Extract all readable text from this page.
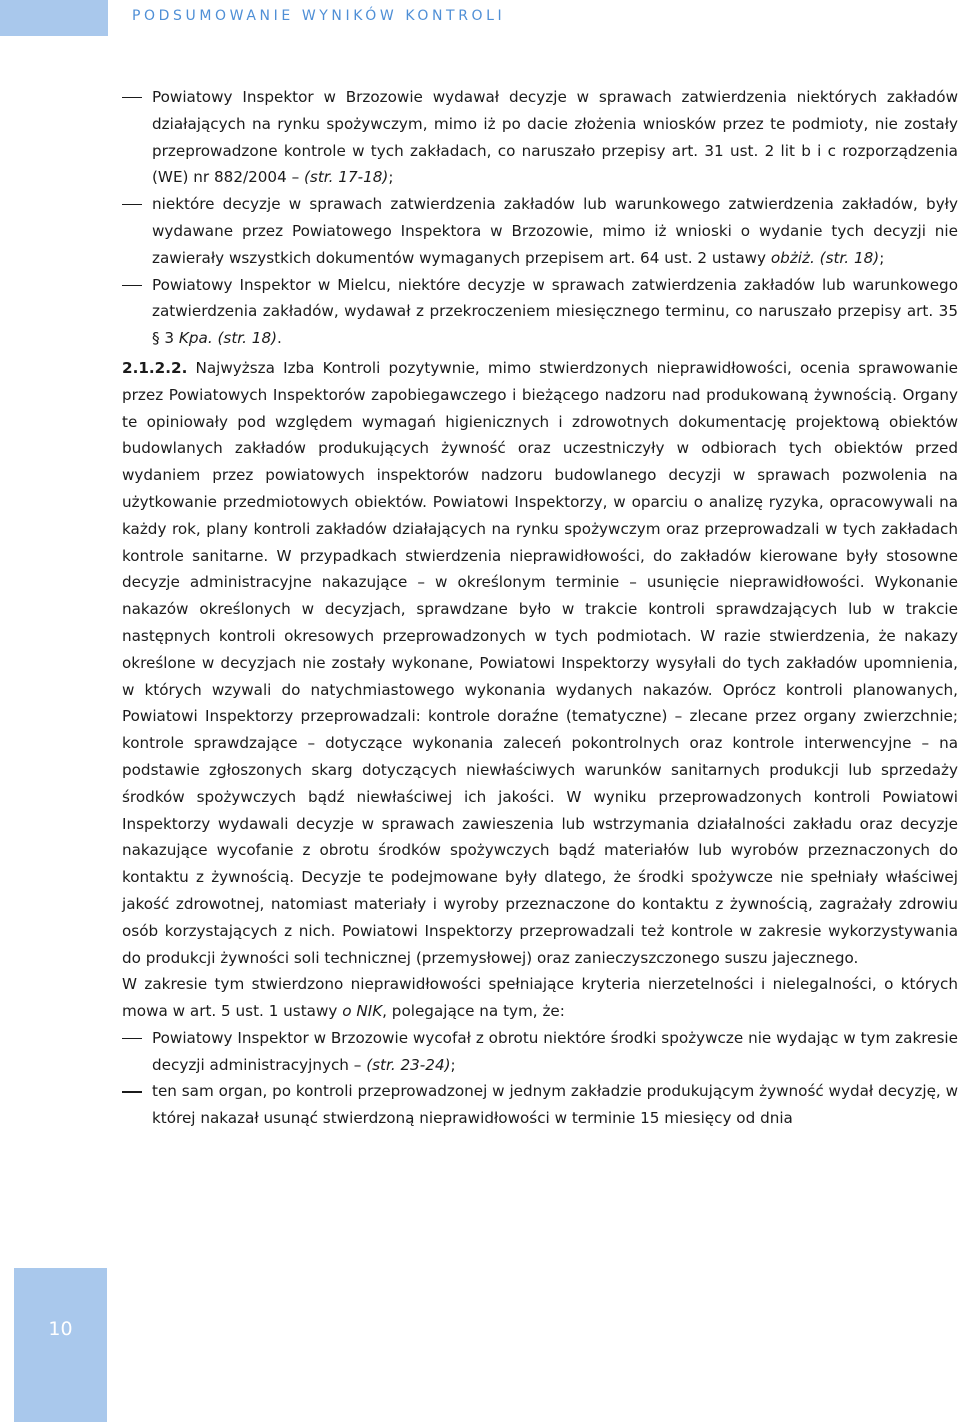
PODSUMOWANIE WYNIKÓW KONTROLI
10
Powiatowy Inspektor w Brzozowie wydawał decyzje w sprawach zatwierdzenia niektórych zakładów działających na rynku spożywczym, mimo iż po dacie złożenia wniosków przez te podmioty, nie zostały przeprowadzone kontrole w tych zakładach, co naruszało przepisy art. 31 ust. 2 lit b i c rozporządzenia (WE) nr 882/2004 – (str. 17-18);
niektóre decyzje w sprawach zatwierdzenia zakładów lub warunkowego zatwierdzenia zakładów, były wydawane przez Powiatowego Inspektora w Brzozowie, mimo iż wnioski o wydanie tych decyzji nie zawierały wszystkich dokumentów wymaganych przepisem art. 64 ust. 2 ustawy obżiż. (str. 18);
Powiatowy Inspektor w Mielcu, niektóre decyzje w sprawach zatwierdzenia zakładów lub warunkowego zatwierdzenia zakładów, wydawał z przekroczeniem miesięcznego terminu, co naruszało przepisy art. 35 § 3 Kpa. (str. 18).

2.1.2.2. Najwyższa Izba Kontroli pozytywnie, mimo stwierdzonych nieprawidłowości, ocenia sprawowanie przez Powiatowych Inspektorów zapobiegawczego i bieżącego nadzoru nad produkowaną żywnością. Organy te opiniowały pod względem wymagań higienicznych i zdrowotnych dokumentację projektową obiektów budowlanych zakładów produkujących żywność oraz uczestniczyły w odbiorach tych obiektów przed wydaniem przez powiatowych inspektorów nadzoru budowlanego decyzji w sprawach pozwolenia na użytkowanie przedmiotowych obiektów. Powiatowi Inspektorzy, w oparciu o analizę ryzyka, opracowywali na każdy rok, plany kontroli zakładów działających na rynku spożywczym oraz przeprowadzali w tych zakładach kontrole sanitarne. W przypadkach stwierdzenia nieprawidłowości, do zakładów kierowane były stosowne decyzje administracyjne nakazujące – w określonym terminie – usunięcie nieprawidłowości. Wykonanie nakazów określonych w decyzjach, sprawdzane było w trakcie kontroli sprawdzających lub w trakcie następnych kontroli okresowych przeprowadzonych w tych podmiotach. W razie stwierdzenia, że nakazy określone w decyzjach nie zostały wykonane, Powiatowi Inspektorzy wysyłali do tych zakładów upomnienia, w których wzywali do natychmiastowego wykonania wydanych nakazów. Oprócz kontroli planowanych, Powiatowi Inspektorzy przeprowadzali: kontrole doraźne (tematyczne) – zlecane przez organy zwierzchnie; kontrole sprawdzające – dotyczące wykonania zaleceń pokontrolnych oraz kontrole interwencyjne – na podstawie zgłoszonych skarg dotyczących niewłaściwych warunków sanitarnych produkcji lub sprzedaży środków spożywczych bądź niewłaściwej ich jakości. W wyniku przeprowadzonych kontroli Powiatowi Inspektorzy wydawali decyzje w sprawach zawieszenia lub wstrzymania działalności zakładu oraz decyzje nakazujące wycofanie z obrotu środków spożywczych bądź materiałów lub wyrobów przeznaczonych do kontaktu z żywnością. Decyzje te podejmowane były dlatego, że środki spożywcze nie spełniały właściwej jakość zdrowotnej, natomiast materiały i wyroby przeznaczone do kontaktu z żywnością, zagrażały zdrowiu osób korzystających z nich. Powiatowi Inspektorzy przeprowadzali też kontrole w zakresie wykorzystywania do produkcji żywności soli technicznej (przemysłowej) oraz zanieczyszczonego suszu jajecznego.

W zakresie tym stwierdzono nieprawidłowości spełniające kryteria nierzetelności i nielegalności, o których mowa w art. 5 ust. 1 ustawy o NIK, polegające na tym, że:

Powiatowy Inspektor w Brzozowie wycofał z obrotu niektóre środki spożywcze nie wydając w tym zakresie decyzji administracyjnych – (str. 23-24);
ten sam organ, po kontroli przeprowadzonej w jednym zakładzie produkującym żywność wydał decyzję, w której nakazał usunąć stwierdzoną nieprawidłowości w terminie 15 miesięcy od dnia
